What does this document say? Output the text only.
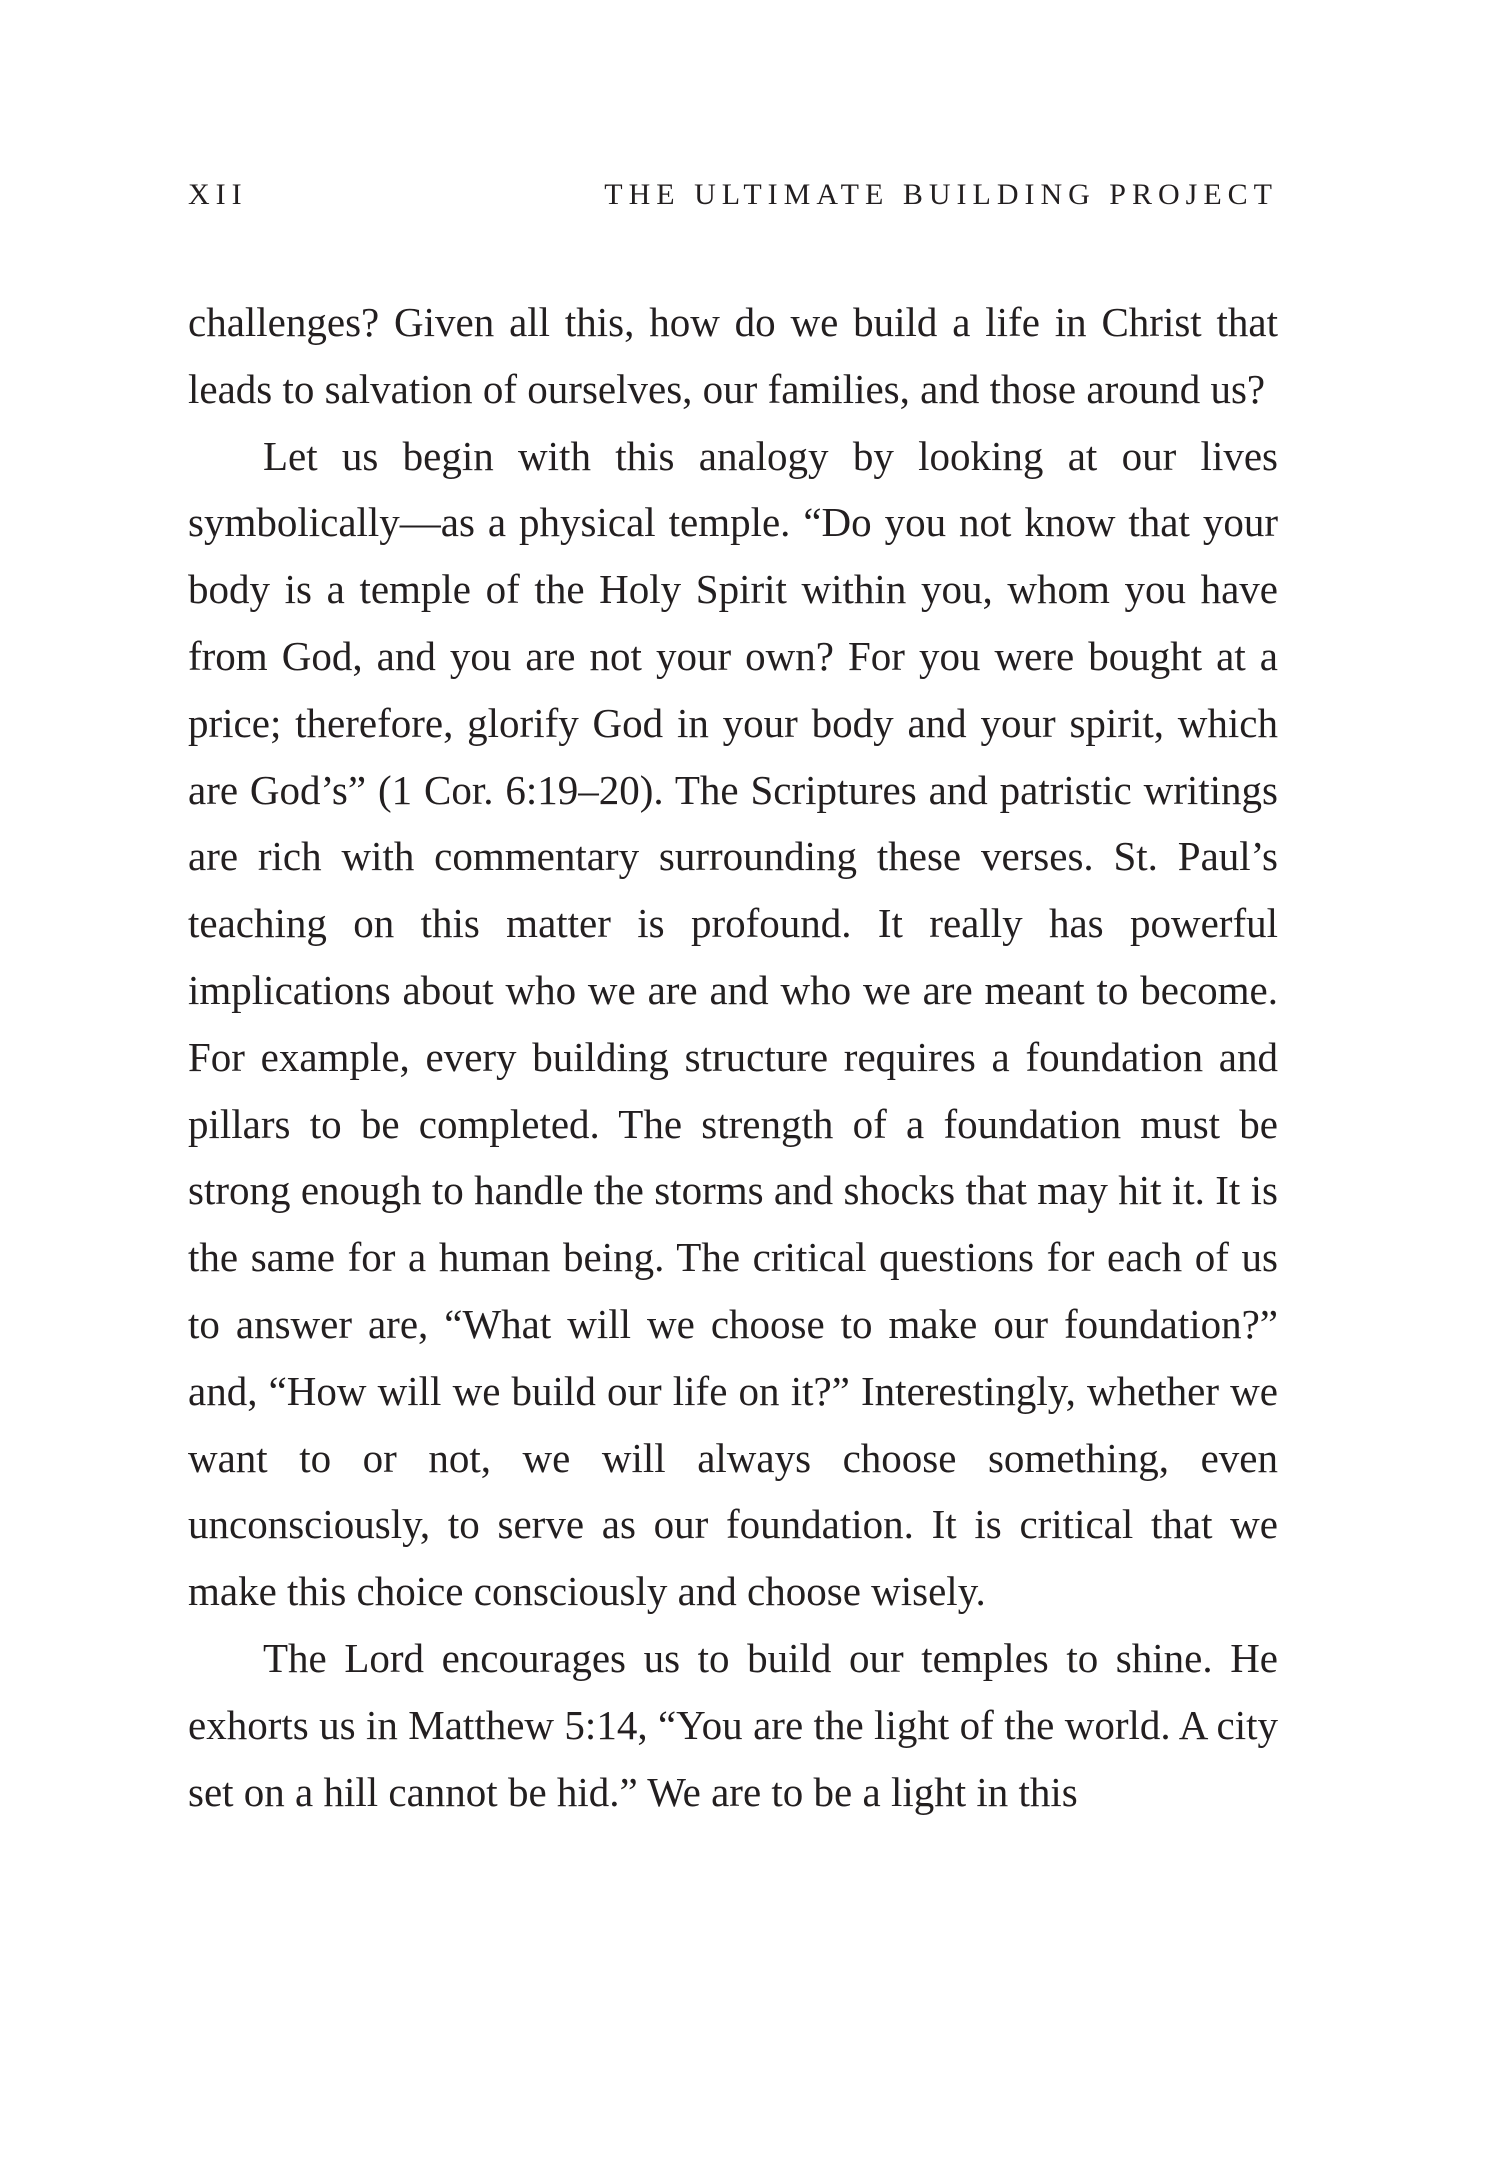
XII	THE ULTIMATE BUILDING PROJECT

challenges? Given all this, how do we build a life in Christ that leads to salvation of ourselves, our families, and those around us?

Let us begin with this analogy by looking at our lives symbolically—as a physical temple. “Do you not know that your body is a temple of the Holy Spirit within you, whom you have from God, and you are not your own? For you were bought at a price; therefore, glorify God in your body and your spirit, which are God’s” (1 Cor. 6:19–20). The Scriptures and patristic writings are rich with commentary surrounding these verses. St. Paul’s teaching on this matter is profound. It really has powerful implications about who we are and who we are meant to become. For example, every building structure requires a foundation and pillars to be completed. The strength of a foundation must be strong enough to handle the storms and shocks that may hit it. It is the same for a human being. The critical questions for each of us to answer are, “What will we choose to make our foundation?” and, “How will we build our life on it?” Interestingly, whether we want to or not, we will always choose something, even unconsciously, to serve as our foundation. It is critical that we make this choice consciously and choose wisely.

The Lord encourages us to build our temples to shine. He exhorts us in Matthew 5:14, “You are the light of the world. A city set on a hill cannot be hid.” We are to be a light in this
